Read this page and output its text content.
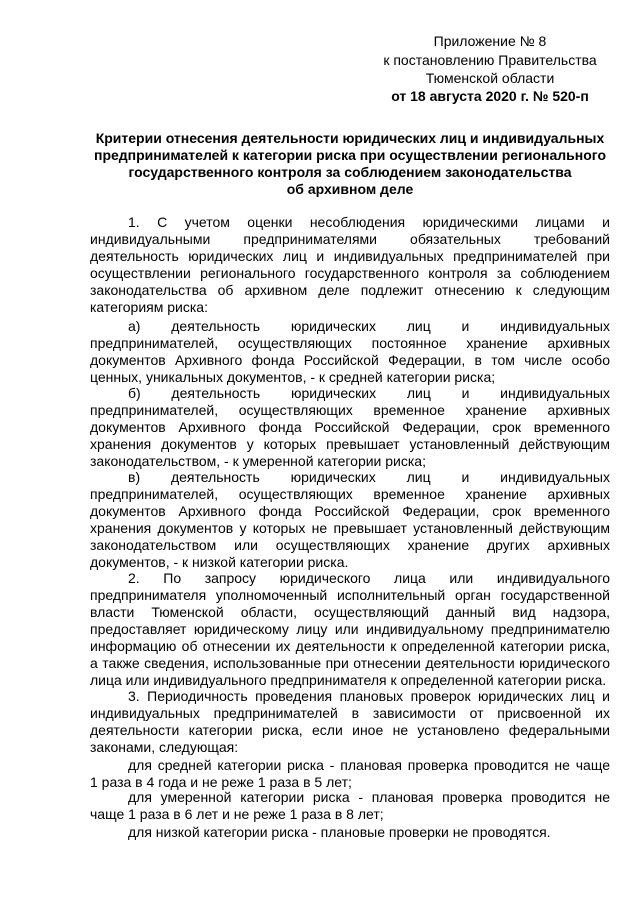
Приложение № 8
к постановлению Правительства
Тюменской области
от 18 августа 2020 г. № 520-п
Критерии отнесения деятельности юридических лиц и индивидуальных
предпринимателей к категории риска при осуществлении регионального
государственного контроля за соблюдением законодательства
об архивном деле
1. С учетом оценки несоблюдения юридическими лицами и
индивидуальными предпринимателями обязательных требований
деятельность юридических лиц и индивидуальных предпринимателей при
осуществлении регионального государственного контроля за соблюдением
законодательства об архивном деле подлежит отнесению к следующим
категориям риска:
а) деятельность юридических лиц и индивидуальных
предпринимателей, осуществляющих постоянное хранение архивных
документов Архивного фонда Российской Федерации, в том числе особо
ценных, уникальных документов, - к средней категории риска;
б) деятельность юридических лиц и индивидуальных
предпринимателей, осуществляющих временное хранение архивных
документов Архивного фонда Российской Федерации, срок временного
хранения документов у которых превышает установленный действующим
законодательством, - к умеренной категории риска;
в) деятельность юридических лиц и индивидуальных
предпринимателей, осуществляющих временное хранение архивных
документов Архивного фонда Российской Федерации, срок временного
хранения документов у которых не превышает установленный действующим
законодательством или осуществляющих хранение других архивных
документов, - к низкой категории риска.
2. По запросу юридического лица или индивидуального
предпринимателя уполномоченный исполнительный орган государственной
власти Тюменской области, осуществляющий данный вид надзора,
предоставляет юридическому лицу или индивидуальному предпринимателю
информацию об отнесении их деятельности к определенной категории риска,
а также сведения, использованные при отнесении деятельности юридического
лица или индивидуального предпринимателя к определенной категории риска.
3. Периодичность проведения плановых проверок юридических лиц и
индивидуальных предпринимателей в зависимости от присвоенной их
деятельности категории риска, если иное не установлено федеральными
законами, следующая:
для средней категории риска - плановая проверка проводится не чаще
1 раза в 4 года и не реже 1 раза в 5 лет;
для умеренной категории риска - плановая проверка проводится не
чаще 1 раза в 6 лет и не реже 1 раза в 8 лет;
для низкой категории риска - плановые проверки не проводятся.
